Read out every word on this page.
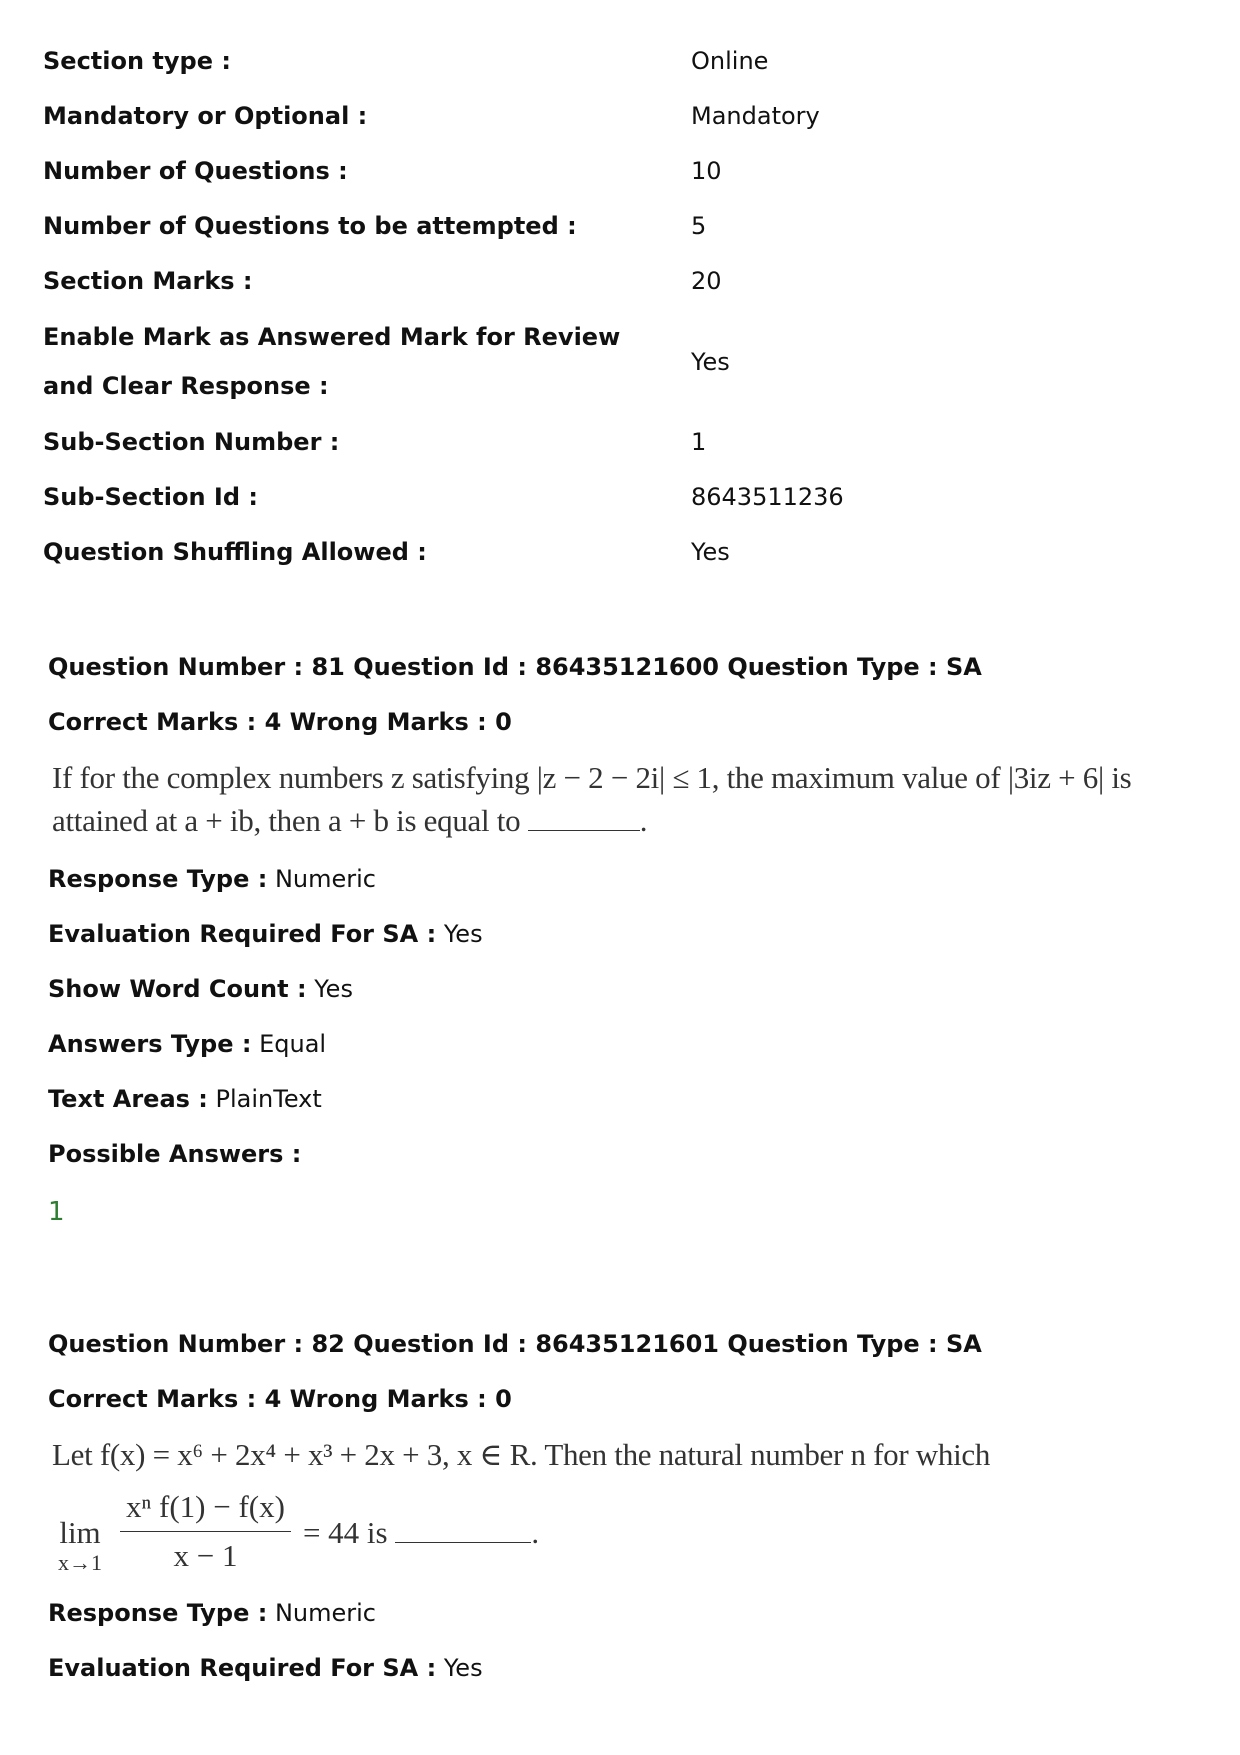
Section type :	Online
Mandatory or Optional :	Mandatory
Number of Questions :	10
Number of Questions to be attempted :	5
Section Marks :	20
Enable Mark as Answered Mark for Review and Clear Response :
Yes
Sub-Section Number :	1
Sub-Section Id :	8643511236
Question Shuffling Allowed :	Yes
Question Number : 81 Question Id : 86435121600 Question Type : SA
Correct Marks : 4 Wrong Marks : 0
If for the complex numbers z satisfying |z − 2 − 2i| ≤ 1, the maximum value of |3iz + 6| is
attained at a + ib, then a + b is equal to	.
Response Type : Numeric
Evaluation Required For SA : Yes
Show Word Count : Yes
Answers Type : Equal
Text Areas : PlainText
Possible Answers :
1
Question Number : 82 Question Id : 86435121601 Question Type : SA
Correct Marks : 4 Wrong Marks : 0
Let f(x) = x⁶ + 2x⁴ + x³ + 2x + 3, x ∈ R. Then the natural number n for which
lim
$x\to 1 \frac{\text{xⁿ f(1) − f(x)}}{x - 1} = 44$ is	.
Response Type : Numeric
Evaluation Required For SA : Yes
